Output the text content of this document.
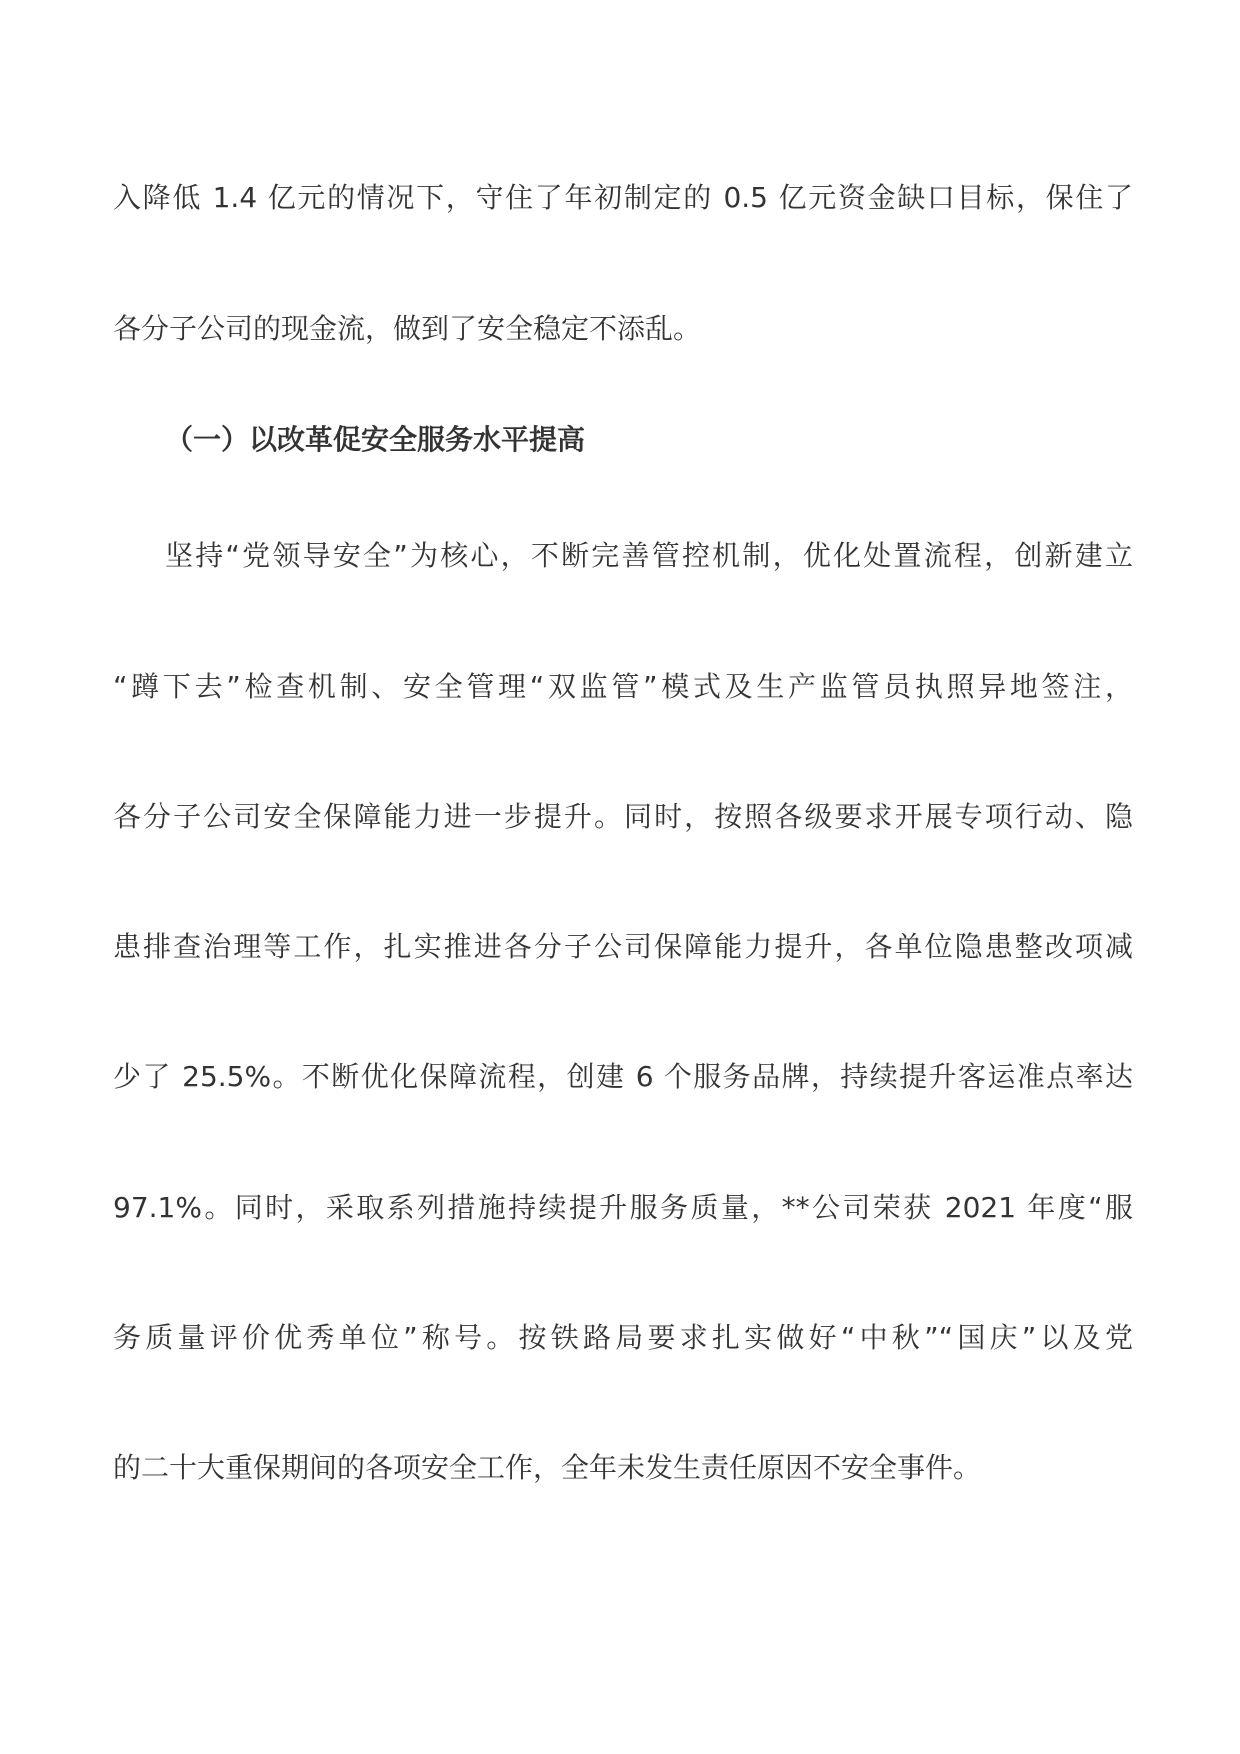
入降低 1.4 亿元的情况下，守住了年初制定的 0.5 亿元资金缺口目标，保住了
各分子公司的现金流，做到了安全稳定不添乱。
（一）以改革促安全服务水平提高
坚持“党领导安全”为核心，不断完善管控机制，优化处置流程，创新建立
“蹲下去”检查机制、安全管理“双监管”模式及生产监管员执照异地签注，
各分子公司安全保障能力进一步提升。同时，按照各级要求开展专项行动、隐
患排查治理等工作，扎实推进各分子公司保障能力提升，各单位隐患整改项减
少了 25.5%。不断优化保障流程，创建 6 个服务品牌，持续提升客运准点率达
97.1%。同时，采取系列措施持续提升服务质量，**公司荣获 2021 年度“服
务质量评价优秀单位”称号。按铁路局要求扎实做好“中秋”“国庆”以及党
的二十大重保期间的各项安全工作，全年未发生责任原因不安全事件。
